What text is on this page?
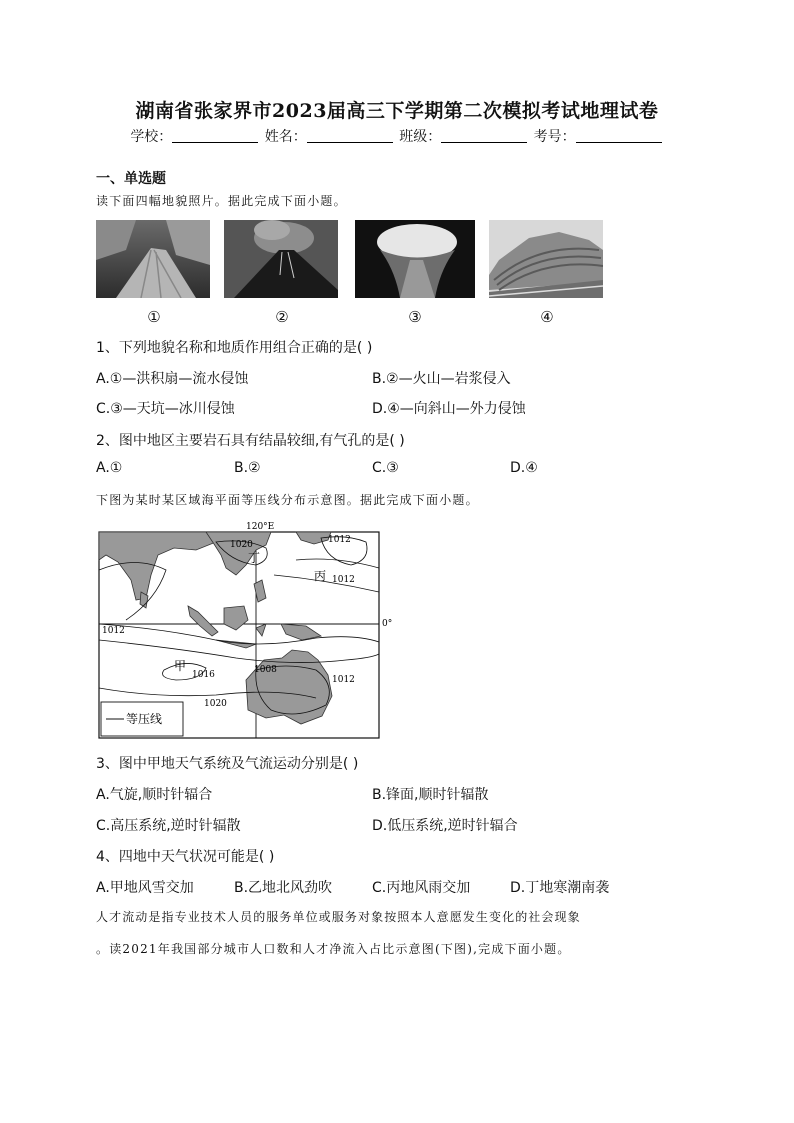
湖南省张家界市2023届高三下学期第二次模拟考试地理试卷
学校：	姓名：	班级：	考号：
一、单选题
读下面四幅地貌照片。据此完成下面小题。
①	②	③	④
1、下列地貌名称和地质作用组合正确的是( )
A.①—洪积扇—流水侵蚀	B.②—火山—岩浆侵入
C.③—天坑—冰川侵蚀	D.④—向斜山—外力侵蚀
2、图中地区主要岩石具有结晶较细,有气孔的是( )
A.①	B.②	C.③	D.④
下图为某时某区域海平面等压线分布示意图。据此完成下面小题。
120°E
0°
1020	1012
1012
1012
1008
1016
1020
1012
丁
丙
甲
等压线
3、图中甲地天气系统及气流运动分别是( )
A.气旋,顺时针辐合	B.锋面,顺时针辐散
C.高压系统,逆时针辐散	D.低压系统,逆时针辐合
4、四地中天气状况可能是( )
A.甲地风雪交加	B.乙地北风劲吹	C.丙地风雨交加	D.丁地寒潮南袭
人才流动是指专业技术人员的服务单位或服务对象按照本人意愿发生变化的社会现象
。读2021年我国部分城市人口数和人才净流入占比示意图(下图),完成下面小题。
